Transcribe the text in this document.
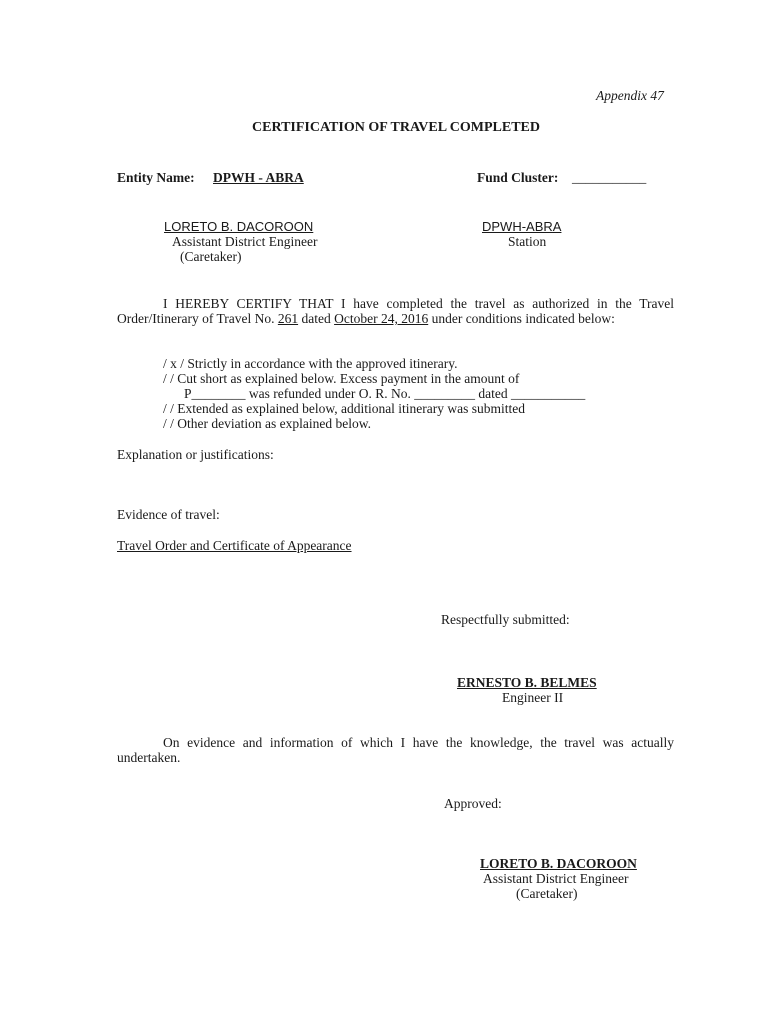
Appendix 47
CERTIFICATION OF TRAVEL COMPLETED
Entity Name: DPWH - ABRA	Fund Cluster: ___________
LORETO B. DACOROON
Assistant District Engineer
(Caretaker)
DPWH-ABRA
Station
I HEREBY CERTIFY THAT I have completed the travel as authorized in the Travel
Order/Itinerary of Travel No. 261 dated October 24, 2016 under conditions indicated below:
/ x / Strictly in accordance with the approved itinerary.
/ / Cut short as explained below. Excess payment in the amount of
P________ was refunded under O. R. No. _________ dated ___________
/ / Extended as explained below, additional itinerary was submitted
/ / Other deviation as explained below.
Explanation or justifications:
Evidence of travel:
Travel Order and Certificate of Appearance
Respectfully submitted:
ERNESTO B. BELMES
Engineer II
On evidence and information of which I have the knowledge, the travel was actually
undertaken.
Approved:
LORETO B. DACOROON
Assistant District Engineer
(Caretaker)
